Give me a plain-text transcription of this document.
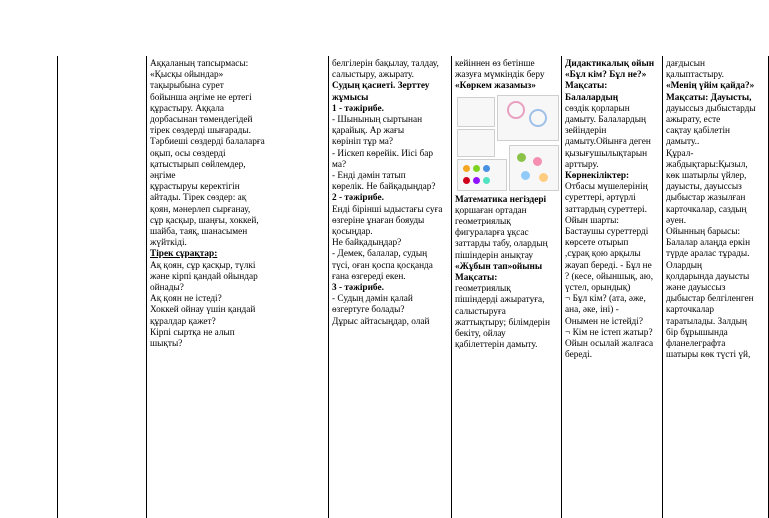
Аққаланың тапсырмасы:

«Қысқы ойындар»

тақырыбына сурет

бойынша әңгіме не ертегі

құрастыру. Аққала

дорбасынан төмендегідей

тірек сөздерді шығарады.

Тәрбиеші сөздерді балаларға

оқып, осы сөздерді

қатыстырып сөйлемдер,

әңгіме

құрастыруы керектігін

айтады. Тірек сөздер: ақ

қоян, мәнерлеп сырғанау,

сұр қасқыр, шаңғы, хоккей,

шайба, таяқ, шанасымен

жүйткіді.

Тірек сұрақтар:

Ақ қоян, сұр қасқыр, түлкі

және кірпі қандай ойындар

ойнады?

Ақ қоян не істеді?

Хоккей ойнау үшін қандай

құралдар қажет?

Кірпі сыртқа не алып

шықты?

белгілерін бақылау, талдау,

салыстыру, ажырату.

Судың қасиеті. Зерттеу

жұмысы

1 - тәжірибе.

- Шынының сыртынан

қарайық. Ар жағы

көрініп тұр ма?

- Иіскеп көрейік. Иісі бар

ма?

- Енді дәмін татып

көрелік. Не байқадыңдар?

2 - тәжірибе.

Енді біріншi ыдыстағы суға

өзгеріне ұнаған бояуды

қосыңдар.

Не байқадыңдар?

- Демек, балалар, судың

түсі, оған қоспа қосқанда

ғана өзгереді екен.

3 - тәжірибе.

- Судың дәмін қалай

өзгертуге болады?

Дұрыс айтасыңдар, олай

кейіннен өз бетінше

жазуға мүмкіндік беру

«Көркем жазамыз»

Математика негіздері

қоршаған ортадан

геометриялық

фигураларға ұқсас

заттарды табу, олардың

пішіндерін анықтау

«Жұбын тап»ойыны

Мақсаты:

геометриялық

пішіндерді ажыратуға,

салыстыруға

жаттықтыру; білімдерін

бекіту, ойлау

қабілеттерін дамыту.

Дидактикалық ойын

«Бұл кім? Бұл не?»

Мақсаты: Балалардың

сөздік қорларын

дамыту. Балалардың

зейіндерін

дамыту.Ойынға деген

қызығушылықтарын

арттыру.

Көрнекіліктер:

Отбасы мүшелерінің

суреттері, әртүрлі

заттардың суреттері.

Ойын шарты:

Бастаушы суреттерді

көрсете отырып

,сұрақ қою арқылы

жауап береді. - Бұл не

? (кесе, ойыншық, аю,

үстел, орындық)

¬ Бұл кім? (ата, әже,

ана, әке, іні) -

Онымен не істейді?

¬ Кім не істеп жатыр?

Ойын осылай жалғаса

береді.

дағдысын

қалыптастыру.

«Менің үйім қайда?»

Мақсаты: Дауысты,

дауыссыз дыбыстарды

ажырату, есте

сақтау қабілетін

дамыту..

Құрал-

жабдықтары:Қызыл,

көк шатырлы үйлер,

дауысты, дауыссыз

дыбыстар жазылған

карточкалар, саздың

әуен.

Ойынның барысы:

Балалар алаңда еркін

түрде аралас тұрады.

Олардың

қолдарында дауысты

және дауыссыз

дыбыстар белгіленген

карточкалар

таратылады. Залдың

бір бұрышында

фланелеграфта

шатыры көк түсті үй,
